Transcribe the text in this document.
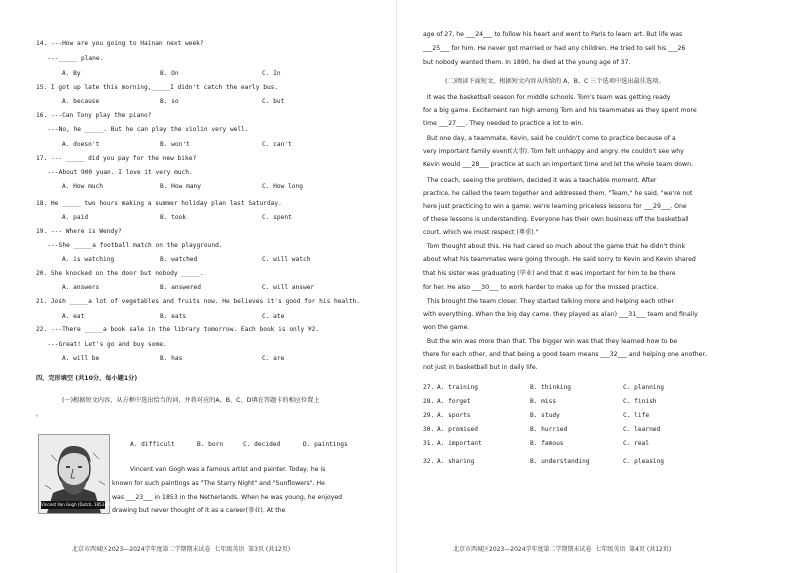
14. ---How are you going to Hainan next week?
---_____ plane.
A. By	B. On	C. In
15. I got up late this morning,_____I didn't catch the early bus.
A. because	B. so	C. but
16. ---Can Tony play the piano?
---No, he _____. But he can play the violin very well.
A. doesn't	B. won't	C. can't
17. --- _____ did you pay for the new bike?
---About 900 yuan. I love it very much.
A. How much	B. How many	C. How long
18. He _____ two hours making a summer holiday plan last Saturday.
A. paid	B. took	C. spent
19. --- Where is Wendy?
---She _____a football match on the playground.
A. is watching	B. watched	C. will watch
20. She knocked on the door but nobody _____.
A. answers	B. answered	C. will answer
21. Josh _____a lot of vegetables and fruits now. He believes it's good for his health.
A. eat	B. eats	C. ate
22. ---There _____a book sale in the library tomorrow. Each book is only ¥2.
---Great! Let's go and buy some.
A. will be	B. has	C. are
四、完形填空 (共10分，每小题1分)
(一)根据短文内容，从方框中选出恰当的词，并将对应的A、B、C、D填在答题卡的相应位置上
。
A. difficult	B. born	C. decided	D. paintings
Vincent Van Gogh (Dutch, 1853-1890)
Vincent van Gogh was a famous artist and painter. Today, he is
known for such paintings as "The Starry Night" and "Sunflowers". He
was ___23___ in 1853 in the Netherlands. When he was young, he enjoyed
drawing but never thought of it as a career(事业). At the
北京市西城区2023—2024学年度第二学期期末试卷  七年级英语  第3页 (共12页)
age of 27, he ___24___ to follow his heart and went to Paris to learn art. But life was
___25___ for him. He never got married or had any children. He tried to sell his ___26
but nobody wanted them. In 1890, he died at the young age of 37.
(二)阅读下面短文，根据短文内容从所给的 A、B、C 三个选项中选出最佳选项。
It was the basketball season for middle schools. Tom's team was getting ready
for a big game. Excitement ran high among Tom and his teammates as they spent more
time ___27___. They needed to practice a lot to win.
But one day, a teammate, Kevin, said he couldn't come to practice because of a
very important family event(大事). Tom felt unhappy and angry. He couldn't see why
Kevin would ___28___ practice at such an important time and let the whole team down.
The coach, seeing the problem, decided it was a teachable moment. After
practice, he called the team together and addressed them. "Team," he said, "we're not
here just practicing to win a game; we're learning priceless lessons for ___29___. One
of these lessons is understanding. Everyone has their own business off the basketball
court, which we must respect (尊重)."
Tom thought about this. He had cared so much about the game that he didn't think
about what his teammates were going through. He said sorry to Kevin and Kevin shared
that his sister was graduating (毕业) and that it was important for him to be there
for her. He also ___30___ to work harder to make up for the missed practice.
This brought the team closer. They started talking more and helping each other
with everything. When the big day came, they played as a(an) ___31___ team and finally
won the game.
But the win was more than that. The bigger win was that they learned how to be
there for each other, and that being a good team means ___32___ and helping one another,
not just in basketball but in daily life.
27. A. training	B. thinking	C. planning
28. A. forget	B. miss	C. finish
29. A. sports	B. study	C. life
30. A. promised	B. hurried	C. learned
31. A. important	B. famous	C. real
32. A. sharing	B. understanding	C. pleasing
北京市西城区2023—2024学年度第二学期期末试卷  七年级英语  第4页 (共12页)
